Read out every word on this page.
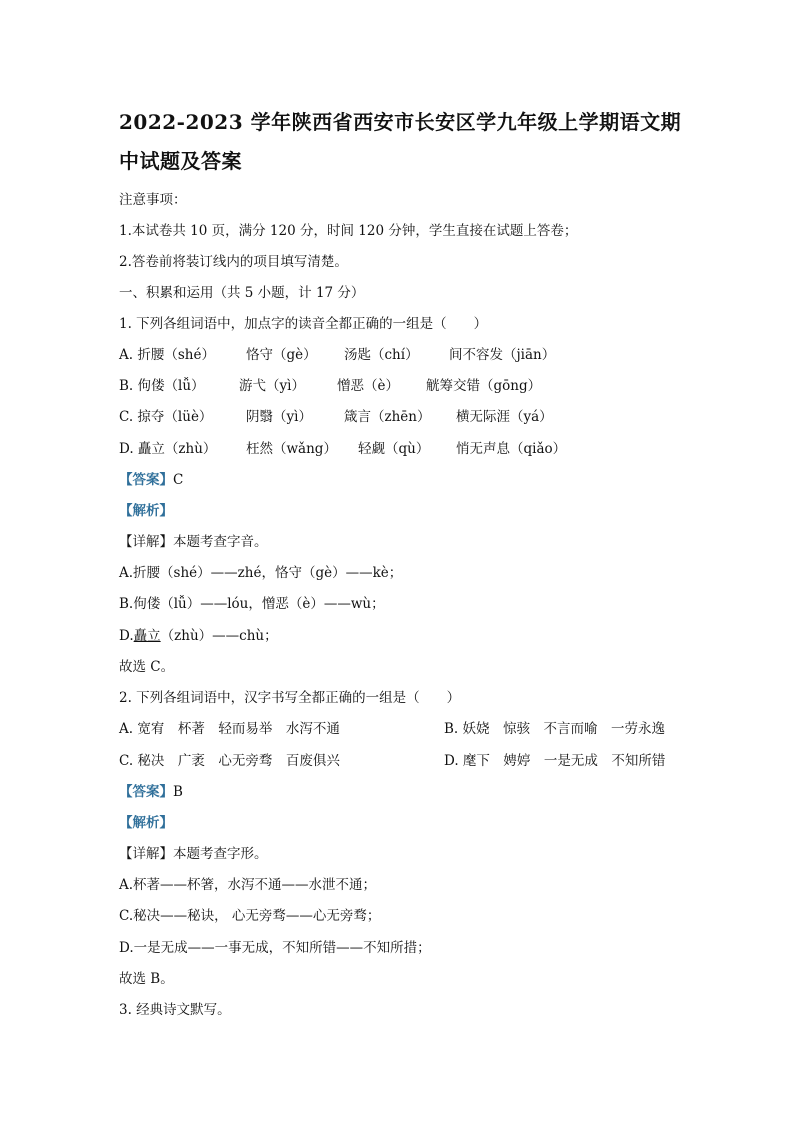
2022-2023 学年陕西省西安市长安区学九年级上学期语文期
中试题及答案
注意事项：
1.本试卷共 10 页，满分 120 分，时间 120 分钟，学生直接在试题上答卷；
2.答卷前将装订线内的项目填写清楚。
一、积累和运用（共 5 小题，计 17 分）
1. 下列各组词语中，加点字的读音全都正确的一组是（　　）
A. 折腰（shé） 恪守（gè） 汤匙（chí） 间不容发（jiān）
B. 佝偻（lǚ）	游弋（yì） 憎恶（è） 觥筹交错（gōng）
C. 掠夺（lüè） 阴翳（yì） 箴言（zhēn） 横无际涯（yá）
D. 矗立（zhù） 枉然（wǎng） 轻觑（qù） 悄无声息（qiǎo）
【答案】C
【解析】
【详解】本题考查字音。
A.折腰（shé）——zhé，恪守（gè）——kè；
B.佝偻（lǚ）——lóu，憎恶（è）——wù；
D.矗立（zhù）——chù；
故选 C。
2. 下列各组词语中，汉字书写全都正确的一组是（　　）
A. 宽宥　杯著　轻而易举　水泻不通	B. 妖娆　惊骇　不言而喻　一劳永逸
C. 秘决　广袤　心无旁骛　百废俱兴	D. 麾下　娉婷　一是无成　不知所错
【答案】B
【解析】
【详解】本题考查字形。
A.杯著——杯箸，水泻不通——水泄不通；
C.秘决——秘诀， 心无旁骛——心无旁骛；
D.一是无成——一事无成，不知所错——不知所措；
故选 B。
3. 经典诗文默写。
